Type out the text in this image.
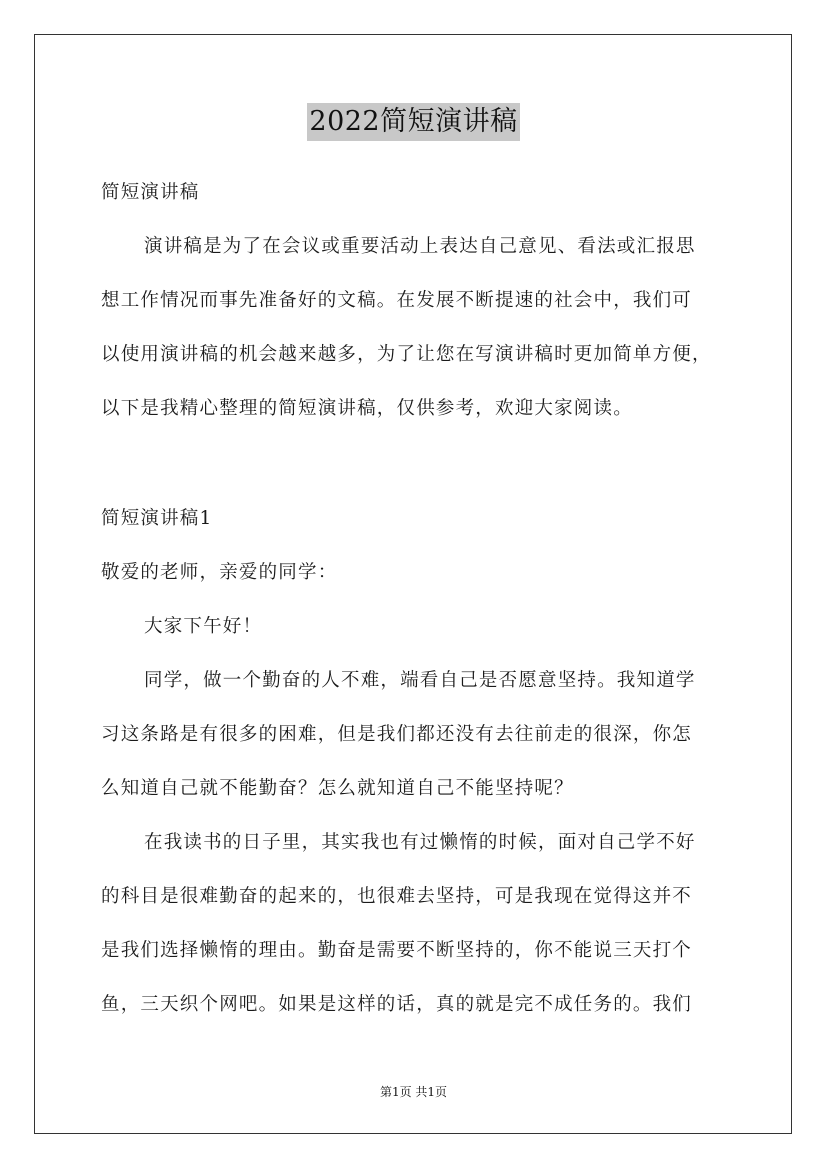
2022简短演讲稿
简短演讲稿
演讲稿是为了在会议或重要活动上表达自己意见、看法或汇报思
想工作情况而事先准备好的文稿。在发展不断提速的社会中，我们可
以使用演讲稿的机会越来越多，为了让您在写演讲稿时更加简单方便，
以下是我精心整理的简短演讲稿，仅供参考，欢迎大家阅读。
简短演讲稿1
敬爱的老师，亲爱的同学：
大家下午好！
同学，做一个勤奋的人不难，端看自己是否愿意坚持。我知道学
习这条路是有很多的困难，但是我们都还没有去往前走的很深，你怎
么知道自己就不能勤奋？怎么就知道自己不能坚持呢？
在我读书的日子里，其实我也有过懒惰的时候，面对自己学不好
的科目是很难勤奋的起来的，也很难去坚持，可是我现在觉得这并不
是我们选择懒惰的理由。勤奋是需要不断坚持的，你不能说三天打个
鱼，三天织个网吧。如果是这样的话，真的就是完不成任务的。我们
第1页 共1页
